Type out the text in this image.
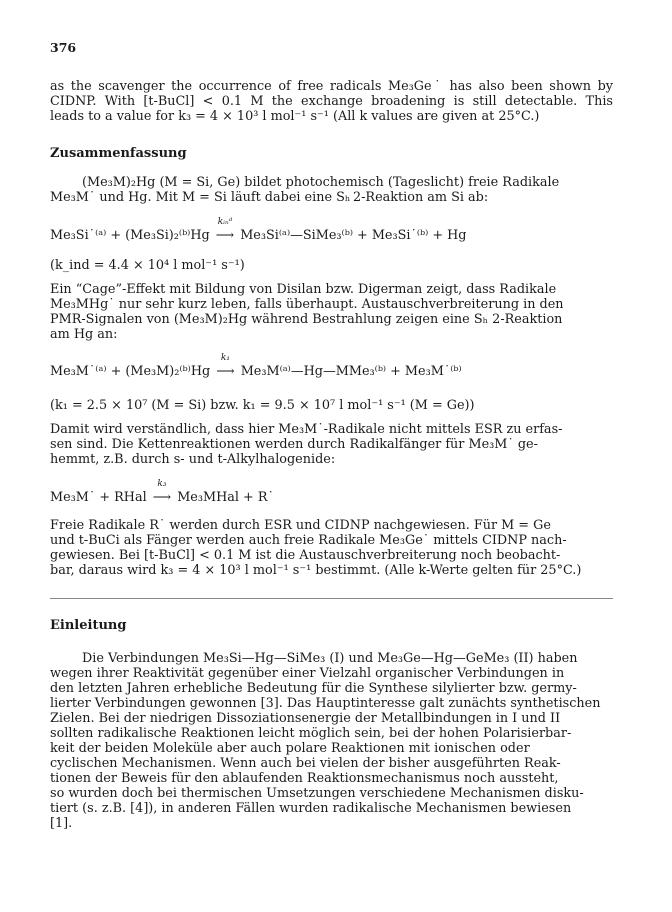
376
as the scavenger the occurrence of free radicals Me₃Ge˙ has also been shown by
CIDNP. With [t-BuCl] < 0.1 M the exchange broadening is still detectable. This
leads to a value for k₃ = 4 × 10³ l mol⁻¹ s⁻¹ (All k values are given at 25°C.)
Zusammenfassung
(Me₃M)₂Hg (M = Si, Ge) bildet photochemisch (Tageslicht) freie Radikale
Me₃M˙ und Hg. Mit M = Si läuft dabei eine Sₕ 2-Reaktion am Si ab:
Me₃Si˙⁽ᵃ⁾ + (Me₃Si)₂⁽ᵇ⁾Hg
kᵢₙᵈ
⟶ Me₃Si⁽ᵃ⁾—SiMe₃⁽ᵇ⁾ + Me₃Si˙⁽ᵇ⁾ + Hg
(k_ind = 4.4 × 10⁴ l mol⁻¹ s⁻¹)
Ein “Cage”-Effekt mit Bildung von Disilan bzw. Digerman zeigt, dass Radikale
Me₃MHg˙ nur sehr kurz leben, falls überhaupt. Austauschverbreiterung in den
PMR-Signalen von (Me₃M)₂Hg während Bestrahlung zeigen eine Sₕ 2-Reaktion
am Hg an:
Me₃M˙⁽ᵃ⁾ + (Me₃M)₂⁽ᵇ⁾Hg
k₁
⟶ Me₃M⁽ᵃ⁾—Hg—MMe₃⁽ᵇ⁾ + Me₃M˙⁽ᵇ⁾
(k₁ = 2.5 × 10⁷ (M = Si) bzw. k₁ = 9.5 × 10⁷ l mol⁻¹ s⁻¹ (M = Ge))
Damit wird verständlich, dass hier Me₃M˙-Radikale nicht mittels ESR zu erfas-
sen sind. Die Kettenreaktionen werden durch Radikalfänger für Me₃M˙ ge-
hemmt, z.B. durch s- und t-Alkylhalogenide:
Me₃M˙ + RHal
k₃
⟶ Me₃MHal + R˙
Freie Radikale R˙ werden durch ESR und CIDNP nachgewiesen. Für M = Ge
und t-BuCi als Fänger werden auch freie Radikale Me₃Ge˙ mittels CIDNP nach-
gewiesen. Bei [t-BuCl] < 0.1 M ist die Austauschverbreiterung noch beobacht-
bar, daraus wird k₃ = 4 × 10³ l mol⁻¹ s⁻¹ bestimmt. (Alle k-Werte gelten für 25°C.)
Einleitung
Die Verbindungen Me₃Si—Hg—SiMe₃ (I) und Me₃Ge—Hg—GeMe₃ (II) haben
wegen ihrer Reaktivität gegenüber einer Vielzahl organischer Verbindungen in
den letzten Jahren erhebliche Bedeutung für die Synthese silylierter bzw. germy-
lierter Verbindungen gewonnen [3]. Das Hauptinteresse galt zunächts synthetischen
Zielen. Bei der niedrigen Dissoziationsenergie der Metallbindungen in I und II
sollten radikalische Reaktionen leicht möglich sein, bei der hohen Polarisierbar-
keit der beiden Moleküle aber auch polare Reaktionen mit ionischen oder
cyclischen Mechanismen. Wenn auch bei vielen der bisher ausgeführten Reak-
tionen der Beweis für den ablaufenden Reaktionsmechanismus noch aussteht,
so wurden doch bei thermischen Umsetzungen verschiedene Mechanismen disku-
tiert (s. z.B. [4]), in anderen Fällen wurden radikalische Mechanismen bewiesen
[1].
